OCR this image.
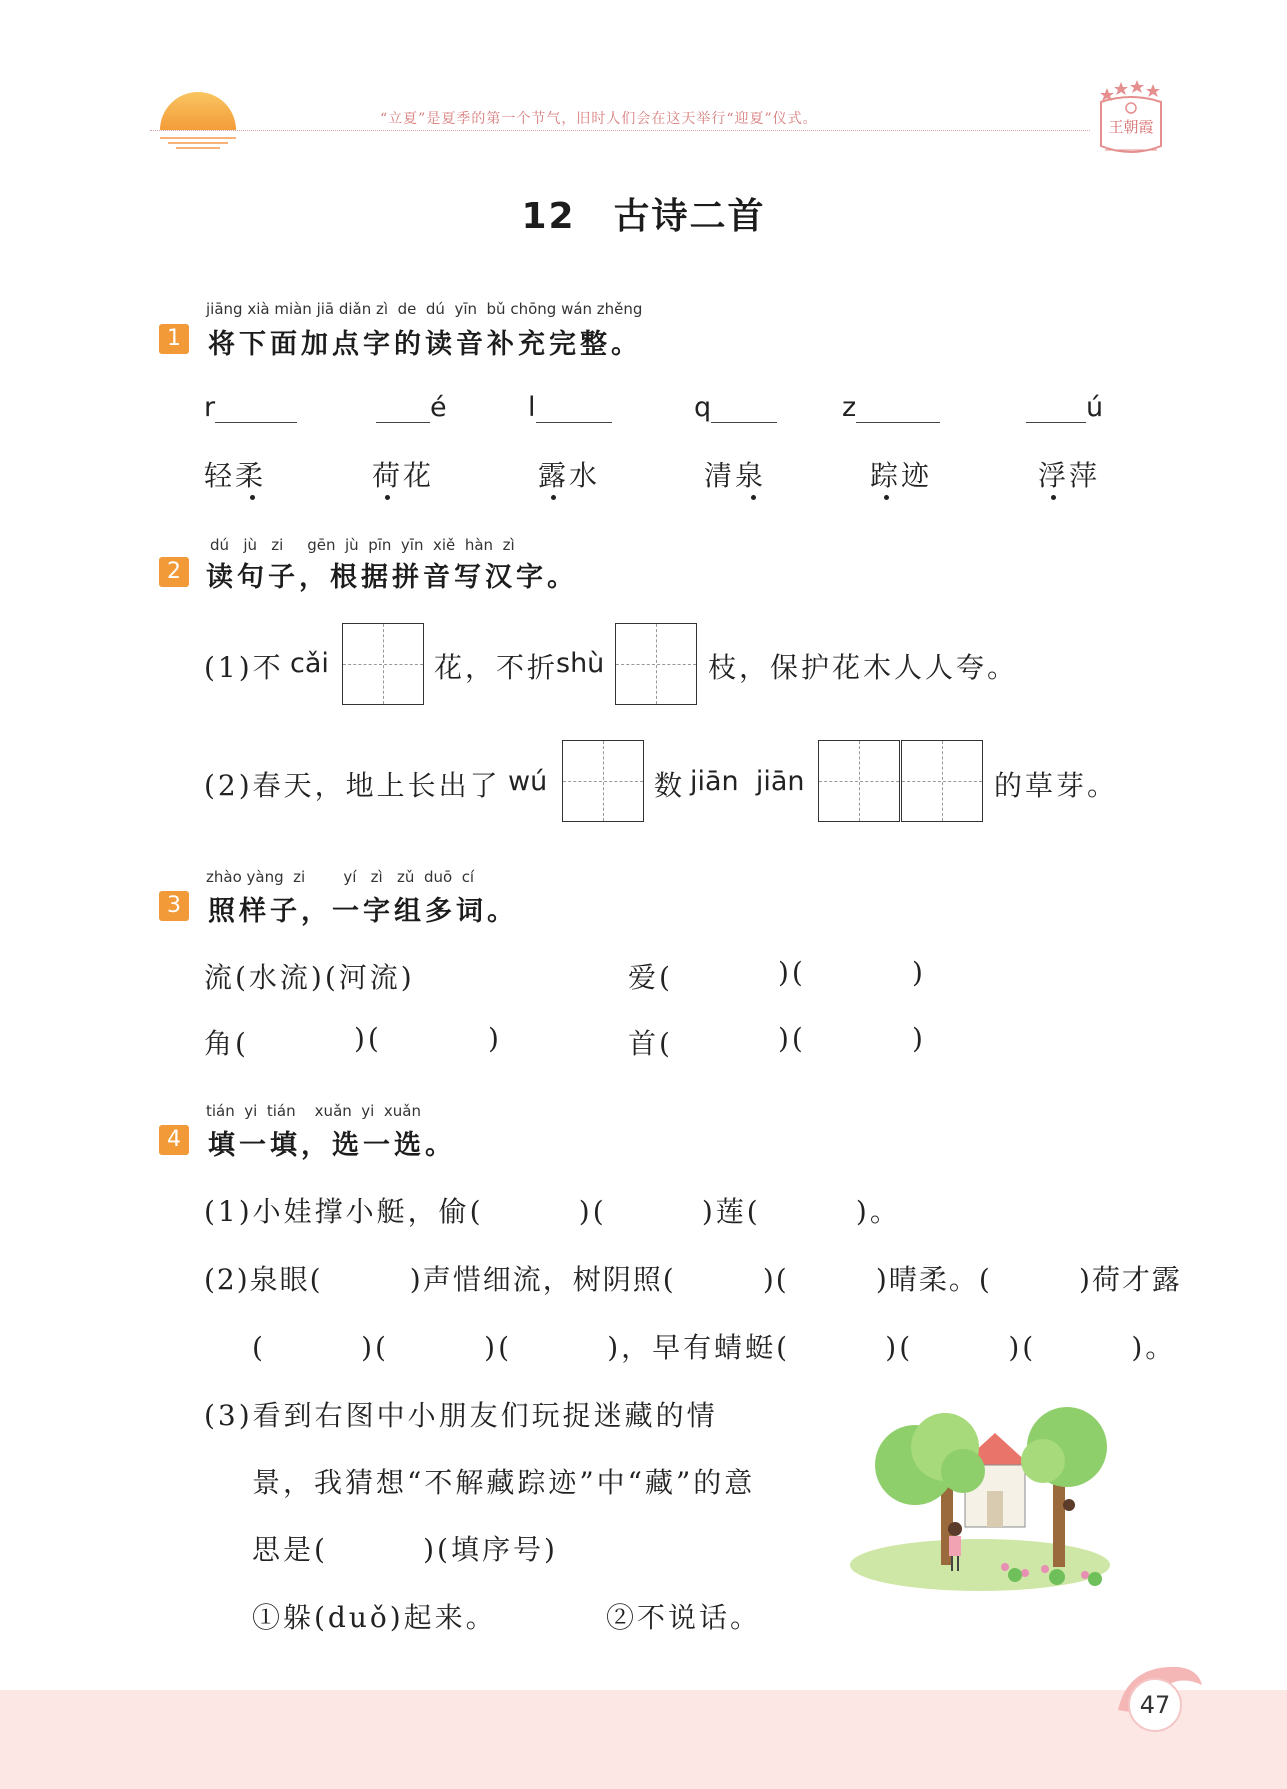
“立夏”是夏季的第一个节气，旧时人们会在这天举行“迎夏”仪式。	王朝霞
12 古诗二首
jiāng xià miàn jiā diǎn zì  de  dú  yīn  bǔ chōng wán zhěng
1 将下面加点字的读音补充完整。
r	é	l	q	z	ú
轻柔	荷花	露水	清泉	踪迹	浮萍
dú   jù   zi     gēn  jù  pīn  yīn  xiě  hàn  zì
2 读句子，根据拼音写汉字。
(1)不 cǎi	花，不折
shù	枝，保护花木人人夸。
(2)春天，地上长出了 wú	数 jiān  jiān	的草芽。
zhào yàng  zi        yí   zì   zǔ  duō  cí
3 照样子，一字组多词。
流(水流)(河流)	爱(	)(	)
角(	)(	)	首(	)(	)
tián  yi  tián    xuǎn  yi  xuǎn
4 填一填，选一选。
(1)小娃撑小艇，偷(        )(        )莲(        )。
(2)泉眼(        )声惜细流，树阴照(        )(        )晴柔。(        )荷才露
(        )(        )(        )，早有蜻蜓(        )(        )(        )。
(3)看到右图中小朋友们玩捉迷藏的情
景，我猜想“不解藏踪迹”中“藏”的意
思是(        )(填序号)
①躲(duǒ)起来。	②不说话。
47
